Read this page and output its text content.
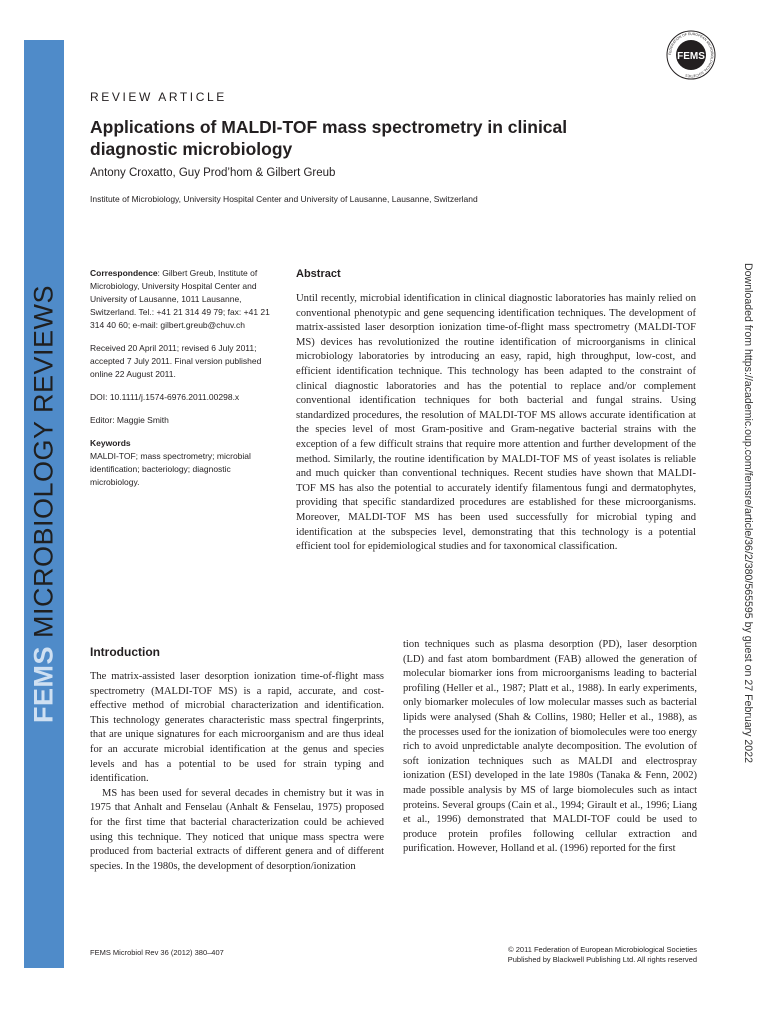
FEMSMICROBIOLOGY REVIEWS	Downloaded from https://academic.oup.com/femsre/article/36/2/380/565595 by guest on 27 February 2022
FEMS
FEDERATION OF EUROPEAN MICROBIOLOGICAL SOCIETIES
REVIEW ARTICLE
Applications of MALDI-TOF mass spectrometry in clinical diagnostic microbiology
Antony Croxatto, Guy Prod’hom & Gilbert Greub
Institute of Microbiology, University Hospital Center and University of Lausanne, Lausanne, Switzerland

Correspondence: Gilbert Greub, Institute of Microbiology, University Hospital Center and University of Lausanne, 1011 Lausanne, Switzerland. Tel.: +41 21 314 49 79; fax: +41 21 314 40 60; e-mail: gilbert.greub@chuv.ch

Received 20 April 2011; revised 6 July 2011; accepted 7 July 2011. Final version published online 22 August 2011.

DOI: 10.1111/j.1574-6976.2011.00298.x

Editor: Maggie Smith

Keywords
MALDI-TOF; mass spectrometry; microbial identification; bacteriology; diagnostic microbiology.

Abstract

Until recently, microbial identification in clinical diagnostic laboratories has mainly relied on conventional phenotypic and gene sequencing identification techniques. The development of matrix-assisted laser desorption ionization time-of-flight mass spectrometry (MALDI-TOF MS) devices has revolutionized the routine identification of microorganisms in clinical microbiology laboratories by introducing an easy, rapid, high throughput, low-cost, and efficient identification technique. This technology has been adapted to the constraint of clinical diagnostic laboratories and has the potential to replace and/or complement conventional identification techniques for both bacterial and fungal strains. Using standardized procedures, the resolution of MALDI-TOF MS allows accurate identification at the species level of most Gram-positive and Gram-negative bacterial strains with the exception of a few difficult strains that require more attention and further development of the method. Similarly, the routine identification by MALDI-TOF MS of yeast isolates is reliable and much quicker than conventional techniques. Recent studies have shown that MALDI-TOF MS has also the potential to accurately identify filamentous fungi and dermatophytes, providing that specific standardized procedures are established for these microorganisms. Moreover, MALDI-TOF MS has been used successfully for microbial typing and identification at the subspecies level, demonstrating that this technology is a potential efficient tool for epidemiological studies and for taxonomical classification.

Introduction

The matrix-assisted laser desorption ionization time-of-flight mass spectrometry (MALDI-TOF MS) is a rapid, accurate, and cost-effective method of microbial characterization and identification. This technology generates characteristic mass spectral fingerprints, that are unique signatures for each microorganism and are thus ideal for an accurate microbial identification at the genus and species levels and has a potential to be used for strain typing and identification.

MS has been used for several decades in chemistry but it was in 1975 that Anhalt and Fenselau (Anhalt & Fenselau, 1975) proposed for the first time that bacterial characterization could be achieved using this technique. They noticed that unique mass spectra were produced from bacterial extracts of different genera and of different species. In the 1980s, the development of desorption/ionization

tion techniques such as plasma desorption (PD), laser desorption (LD) and fast atom bombardment (FAB) allowed the generation of molecular biomarker ions from microorganisms leading to bacterial profiling (Heller et al., 1987; Platt et al., 1988). In early experiments, only biomarker molecules of low molecular masses such as bacterial lipids were analysed (Shah & Collins, 1980; Heller et al., 1988), as the processes used for the ionization of biomolecules were too energy rich to avoid unpredictable analyte decomposition. The evolution of soft ionization techniques such as MALDI and electrospray ionization (ESI) developed in the late 1980s (Tanaka & Fenn, 2002) made possible analysis by MS of large biomolecules such as intact proteins. Several groups (Cain et al., 1994; Girault et al., 1996; Liang et al., 1996) demonstrated that MALDI-TOF could be used to produce protein profiles following cellular extraction and purification. However, Holland et al. (1996) reported for the first

FEMS Microbiol Rev 36 (2012) 380–407	© 2011 Federation of European Microbiological Societies
Published by Blackwell Publishing Ltd. All rights reserved
